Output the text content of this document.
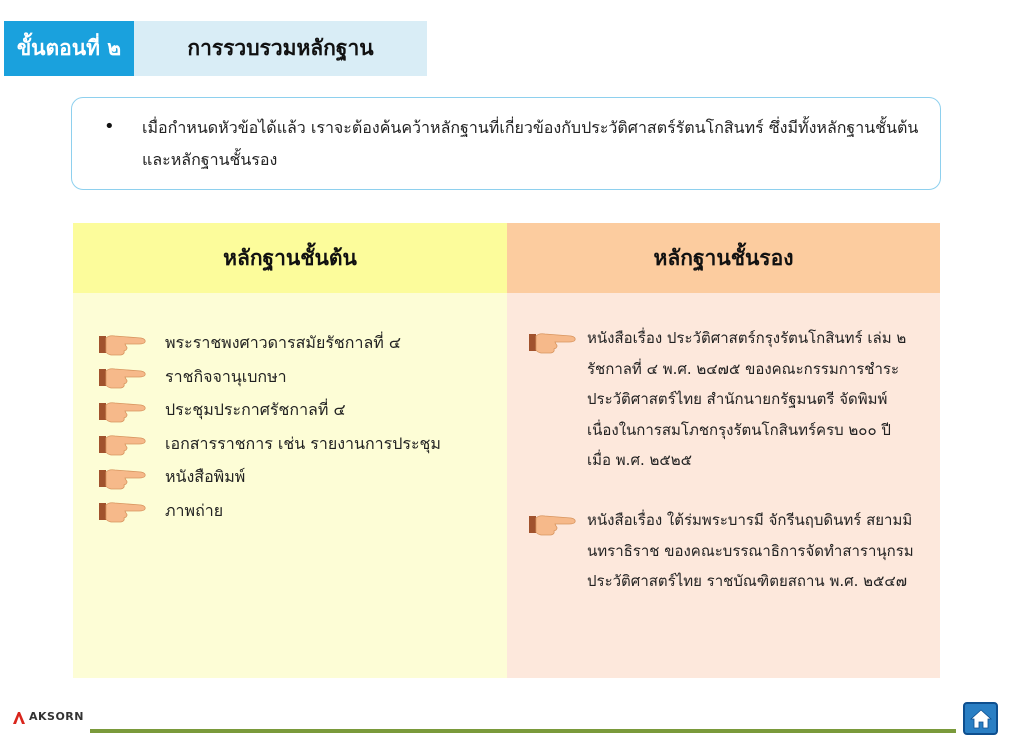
ขั้นตอนที่ ๒	การรวบรวมหลักฐาน
• เมื่อกำหนดหัวข้อได้แล้ว เราจะต้องค้นคว้าหลักฐานที่เกี่ยวข้องกับประวัติศาสตร์รัตนโกสินทร์ ซึ่งมีทั้งหลักฐานชั้นต้นและหลักฐานชั้นรอง
หลักฐานชั้นต้น
พระราชพงศาวดารสมัยรัชกาลที่ ๔
ราชกิจจานุเบกษา
ประชุมประกาศรัชกาลที่ ๔
เอกสารราชการ เช่น รายงานการประชุม
หนังสือพิมพ์
ภาพถ่าย
หลักฐานชั้นรอง
หนังสือเรื่อง ประวัติศาสตร์กรุงรัตนโกสินทร์ เล่ม ๒ รัชกาลที่ ๔ พ.ศ. ๒๔๗๕ ของคณะกรรมการชำระประวัติศาสตร์ไทย สำนักนายกรัฐมนตรี จัดพิมพ์เนื่องในการสมโภชกรุงรัตนโกสินทร์ครบ ๒๐๐ ปี เมื่อ พ.ศ. ๒๕๒๕
หนังสือเรื่อง ใต้ร่มพระบารมี จักรีนฤบดินทร์ สยามมินทราธิราช ของคณะบรรณาธิการจัดทำสารานุกรมประวัติศาสตร์ไทย ราชบัณฑิตยสถาน พ.ศ. ๒๕๔๗
AKSORN
